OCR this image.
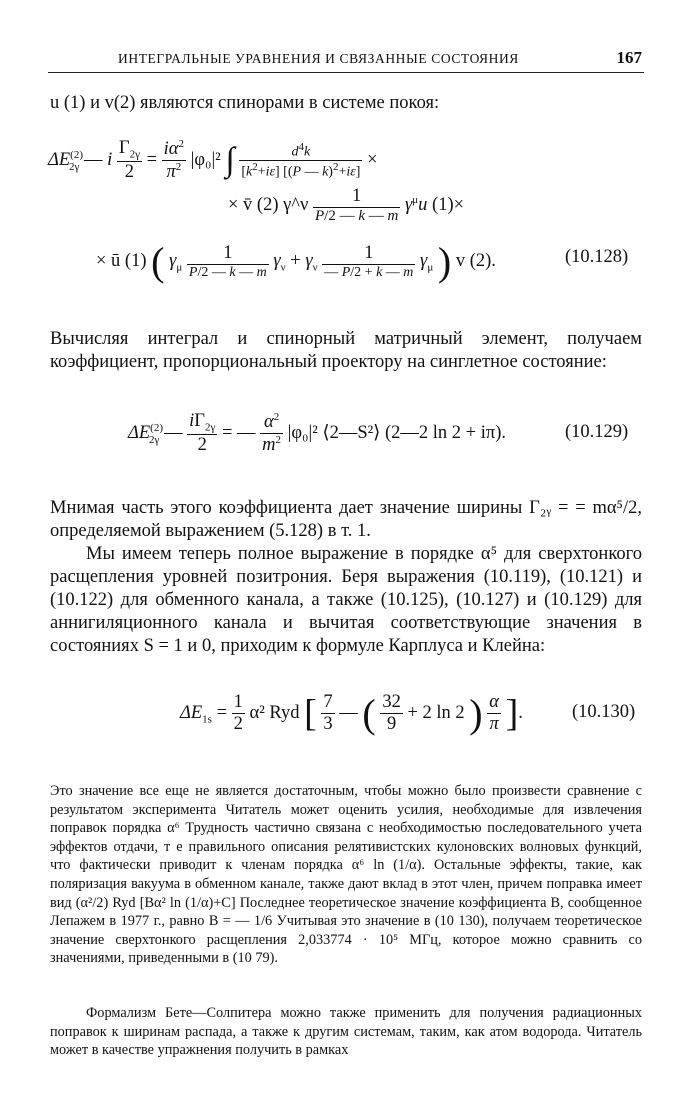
ИНТЕГРАЛЬНЫЕ УРАВНЕНИЯ И СВЯЗАННЫЕ СОСТОЯНИЯ	167
u (1) и v(2) являются спинорами в системе покоя:
$\Delta E^{(2)}_{2\gamma}$ — i $\frac{\Gamma_{2\gamma}}{2} = \frac{i\alpha^2}{\pi^2} |\varphi_0|^2$ ∫ $\frac{d^4k}{[k^2+i\varepsilon] [(P — k)^2+i\varepsilon]}$ ×
× v̄ (2) γ^ν $\frac{1}{P/2 — k — m} \gamma^\mu u$ (1)×
× ū (1) ( $\gamma_\mu \frac{1}{P/2 — k — m} \gamma_\nu + \gamma_\nu \frac{1}{— P/2 + k — m} \gamma_\mu$ ) v (2).	(10.128)
Вычисляя интеграл и спинорный матричный элемент, получаем коэффициент, пропорциональный проектору на синглетное состояние:
$\Delta E^{(2)}_{2\gamma}$ — $\frac{i\Gamma_{2\gamma}}{2}$ = — $\frac{\alpha^2}{m^2} |\varphi_0|^2$ ⟨2—S²⟩ (2—2 ln 2 + iπ).	(10.129)
Мнимая часть этого коэффициента дает значение ширины Γ₂ᵧ = = mα⁵/2, определяемой выражением (5.128) в т. 1.
Мы имеем теперь полное выражение в порядке α⁵ для сверхтонкого расщепления уровней позитрония. Беря выражения (10.119), (10.121) и (10.122) для обменного канала, а также (10.125), (10.127) и (10.129) для аннигиляционного канала и вычитая соответствующие значения в состояниях S = 1 и 0, приходим к формуле Карплуса и Клейна:
$\Delta E_{1s} = \frac{1}{2} \alpha^2$ Ryd [ $\frac{7}{3}$ — ( $\frac{32}{9} + 2$ ln 2 ) $\frac{\alpha}{\pi}$ ].	(10.130)
Это значение все еще не является достаточным, чтобы можно было произвести сравнение с результатом эксперимента Читатель может оценить усилия, необходимые для извлечения поправок порядка α⁶ Трудность частично связана с необходимостью последовательного учета эффектов отдачи, т е правильного описания релятивистских кулоновских волновых функций, что фактически приводит к членам порядка α⁶ ln (1/α). Остальные эффекты, такие, как поляризация вакуума в обменном канале, также дают вклад в этот член, причем поправка имеет вид (α²/2) Ryd [Bα² ln (1/α)+C] Последнее теоретическое значение коэффициента B, сообщенное Лепажем в 1977 г., равно B = — 1/6 Учитывая это значение в (10 130), получаем теоретическое значение сверхтонкого расщепления 2,033774 · 10⁵ МГц, которое можно сравнить со значениями, приведенными в (10 79).
Формализм Бете—Солпитера можно также применить для получения радиационных поправок к ширинам распада, а также к другим системам, таким, как атом водорода. Читатель может в качестве упражнения получить в рамках
